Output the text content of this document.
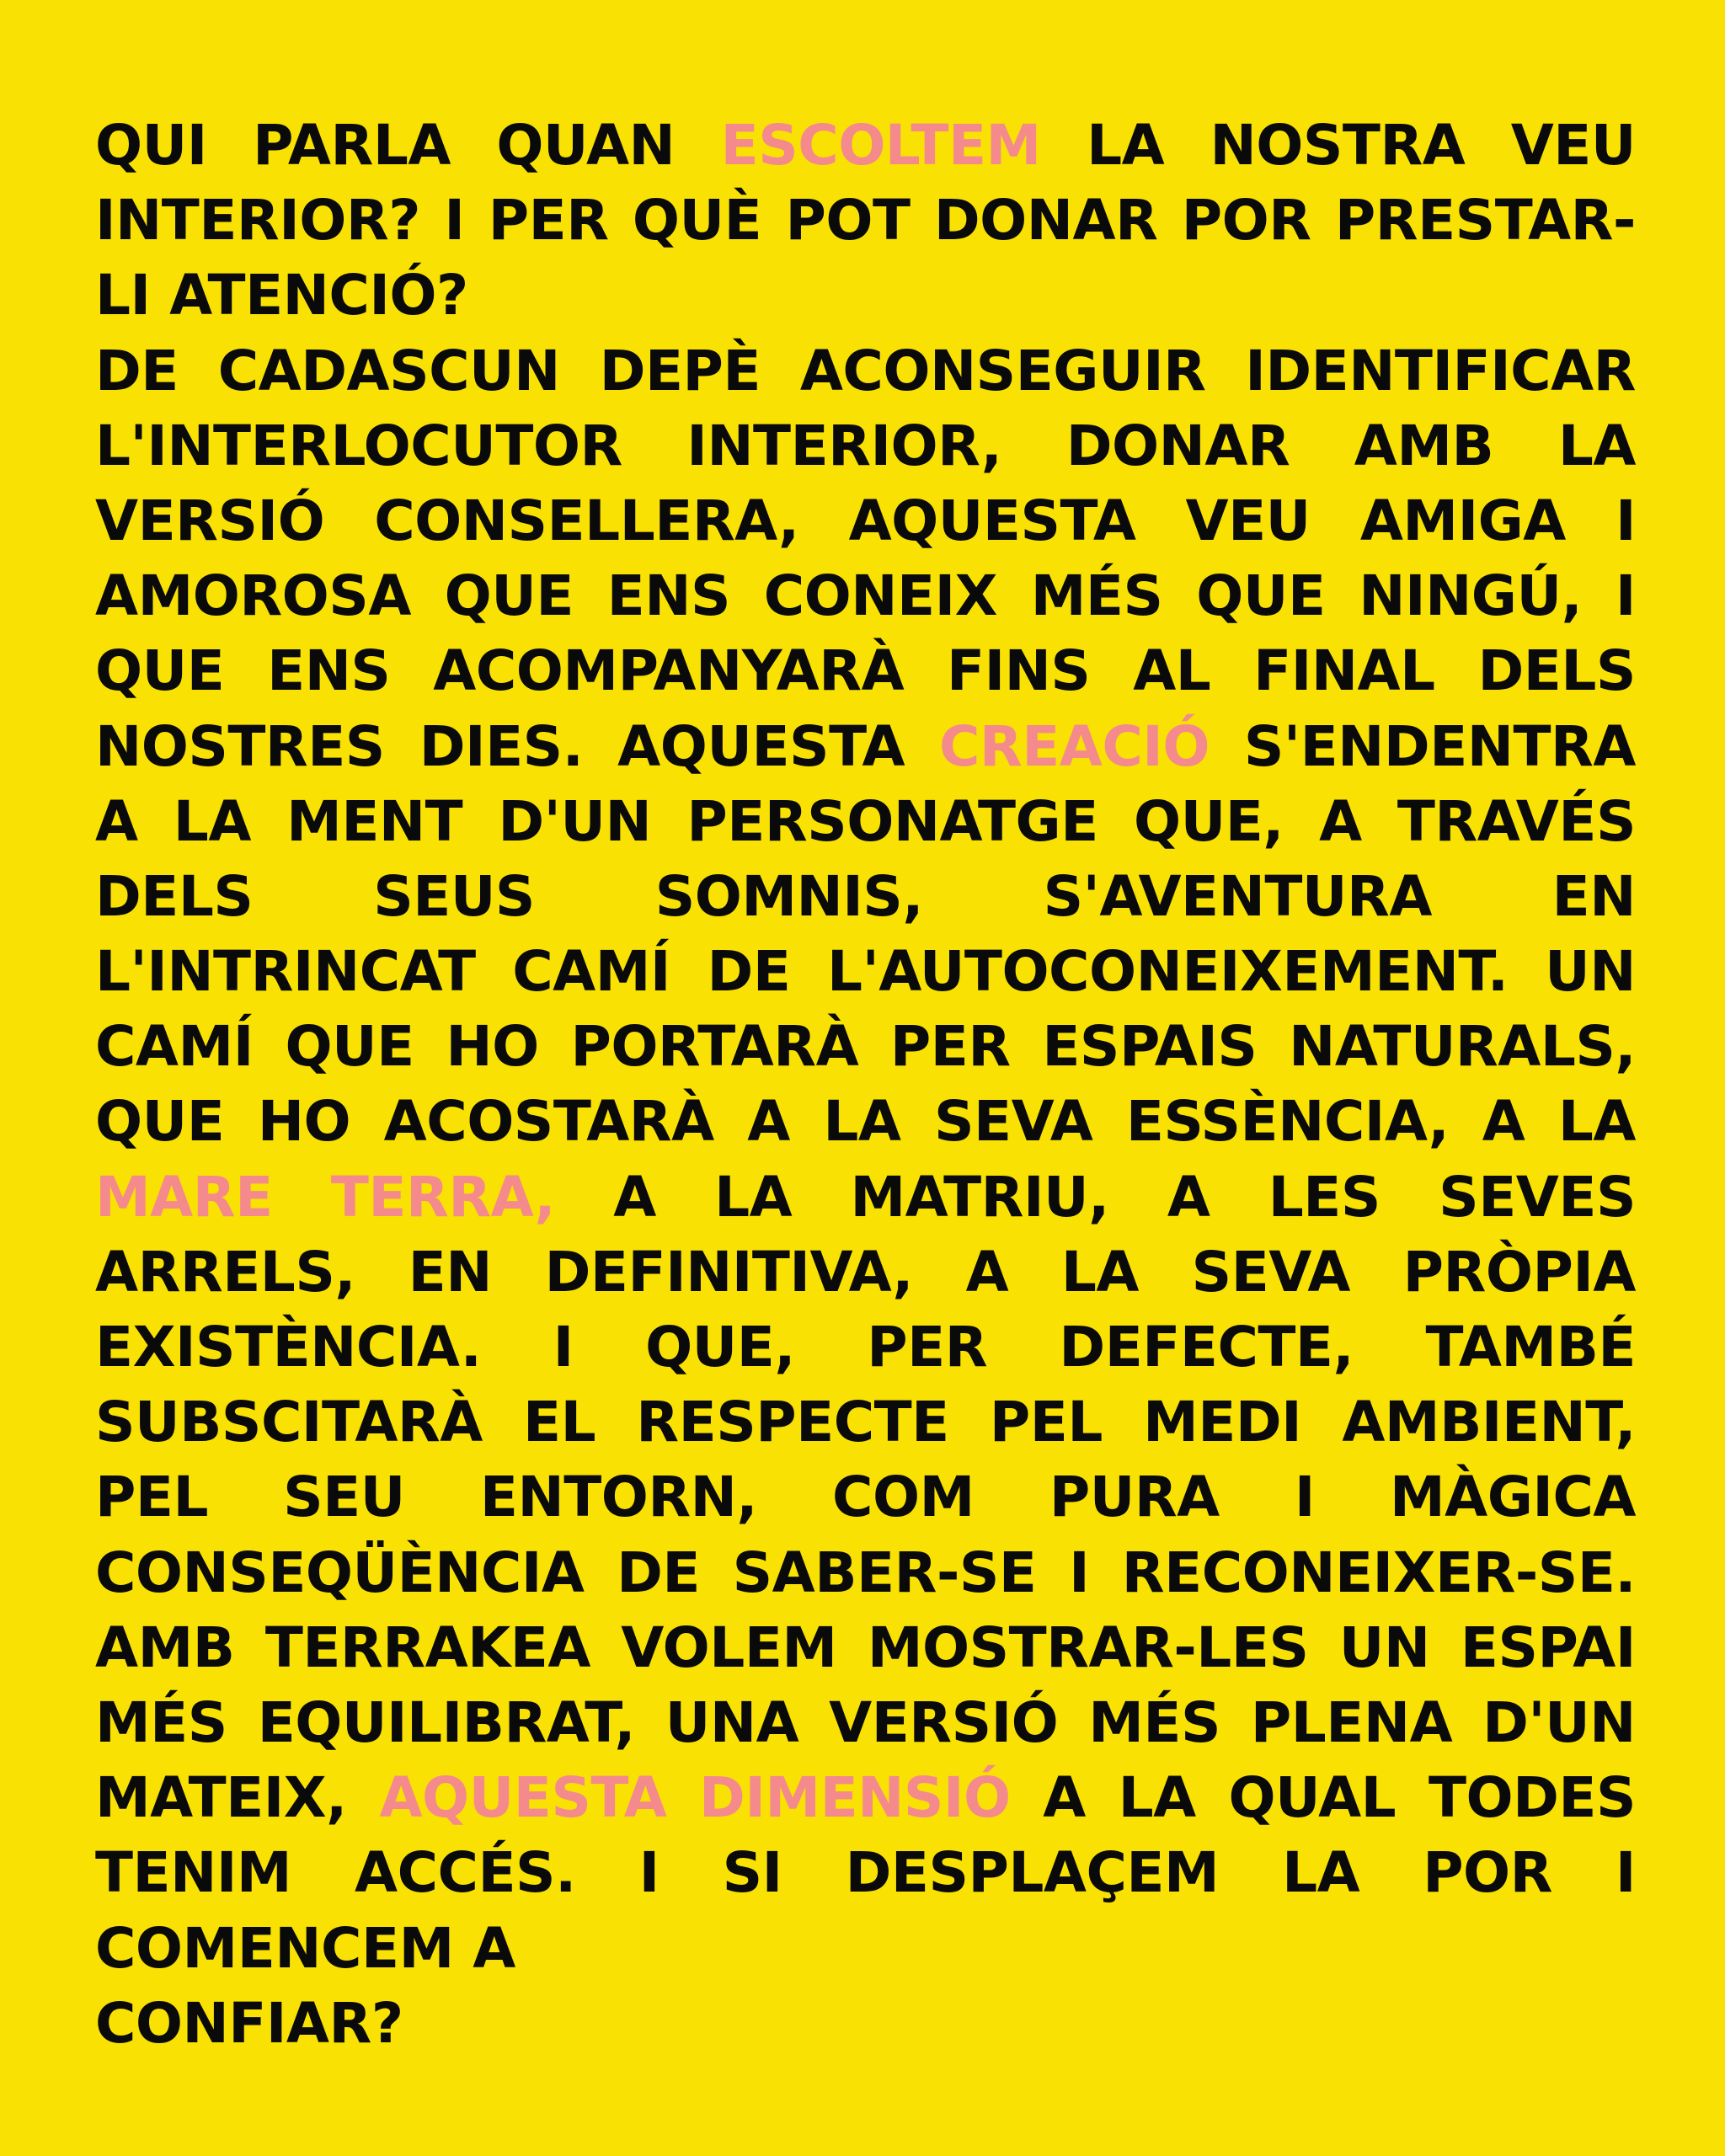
QUI PARLA QUAN ESCOLTEM LA NOSTRA VEU
INTERIOR? I PER QUÈ POT DONAR POR PRESTAR-
LI ATENCIÓ?
DE CADASCUN DEPÈ ACONSEGUIR IDENTIFICAR
L'INTERLOCUTOR INTERIOR, DONAR AMB LA
VERSIÓ CONSELLERA, AQUESTA VEU AMIGA I
AMOROSA QUE ENS CONEIX MÉS QUE NINGÚ, I
QUE ENS ACOMPANYARÀ FINS AL FINAL DELS
NOSTRES DIES. AQUESTA CREACIÓ S'ENDENTRA
A LA MENT D'UN PERSONATGE QUE, A TRAVÉS
DELS SEUS SOMNIS, S'AVENTURA EN
L'INTRINCAT CAMÍ DE L'AUTOCONEIXEMENT. UN
CAMÍ QUE HO PORTARÀ PER ESPAIS NATURALS,
QUE HO ACOSTARÀ A LA SEVA ESSÈNCIA, A LA
MARE TERRA, A LA MATRIU, A LES SEVES
ARRELS, EN DEFINITIVA, A LA SEVA PRÒPIA
EXISTÈNCIA. I QUE, PER DEFECTE, TAMBÉ
SUBSCITARÀ EL RESPECTE PEL MEDI AMBIENT,
PEL SEU ENTORN, COM PURA I MÀGICA
CONSEQÜÈNCIA DE SABER-SE I RECONEIXER-SE.
AMB TERRAKEA VOLEM MOSTRAR-LES UN ESPAI
MÉS EQUILIBRAT, UNA VERSIÓ MÉS PLENA D'UN
MATEIX, AQUESTA DIMENSIÓ A LA QUAL TODES
TENIM ACCÉS. I SI DESPLAÇEM LA POR I
COMENCEM A
CONFIAR?
